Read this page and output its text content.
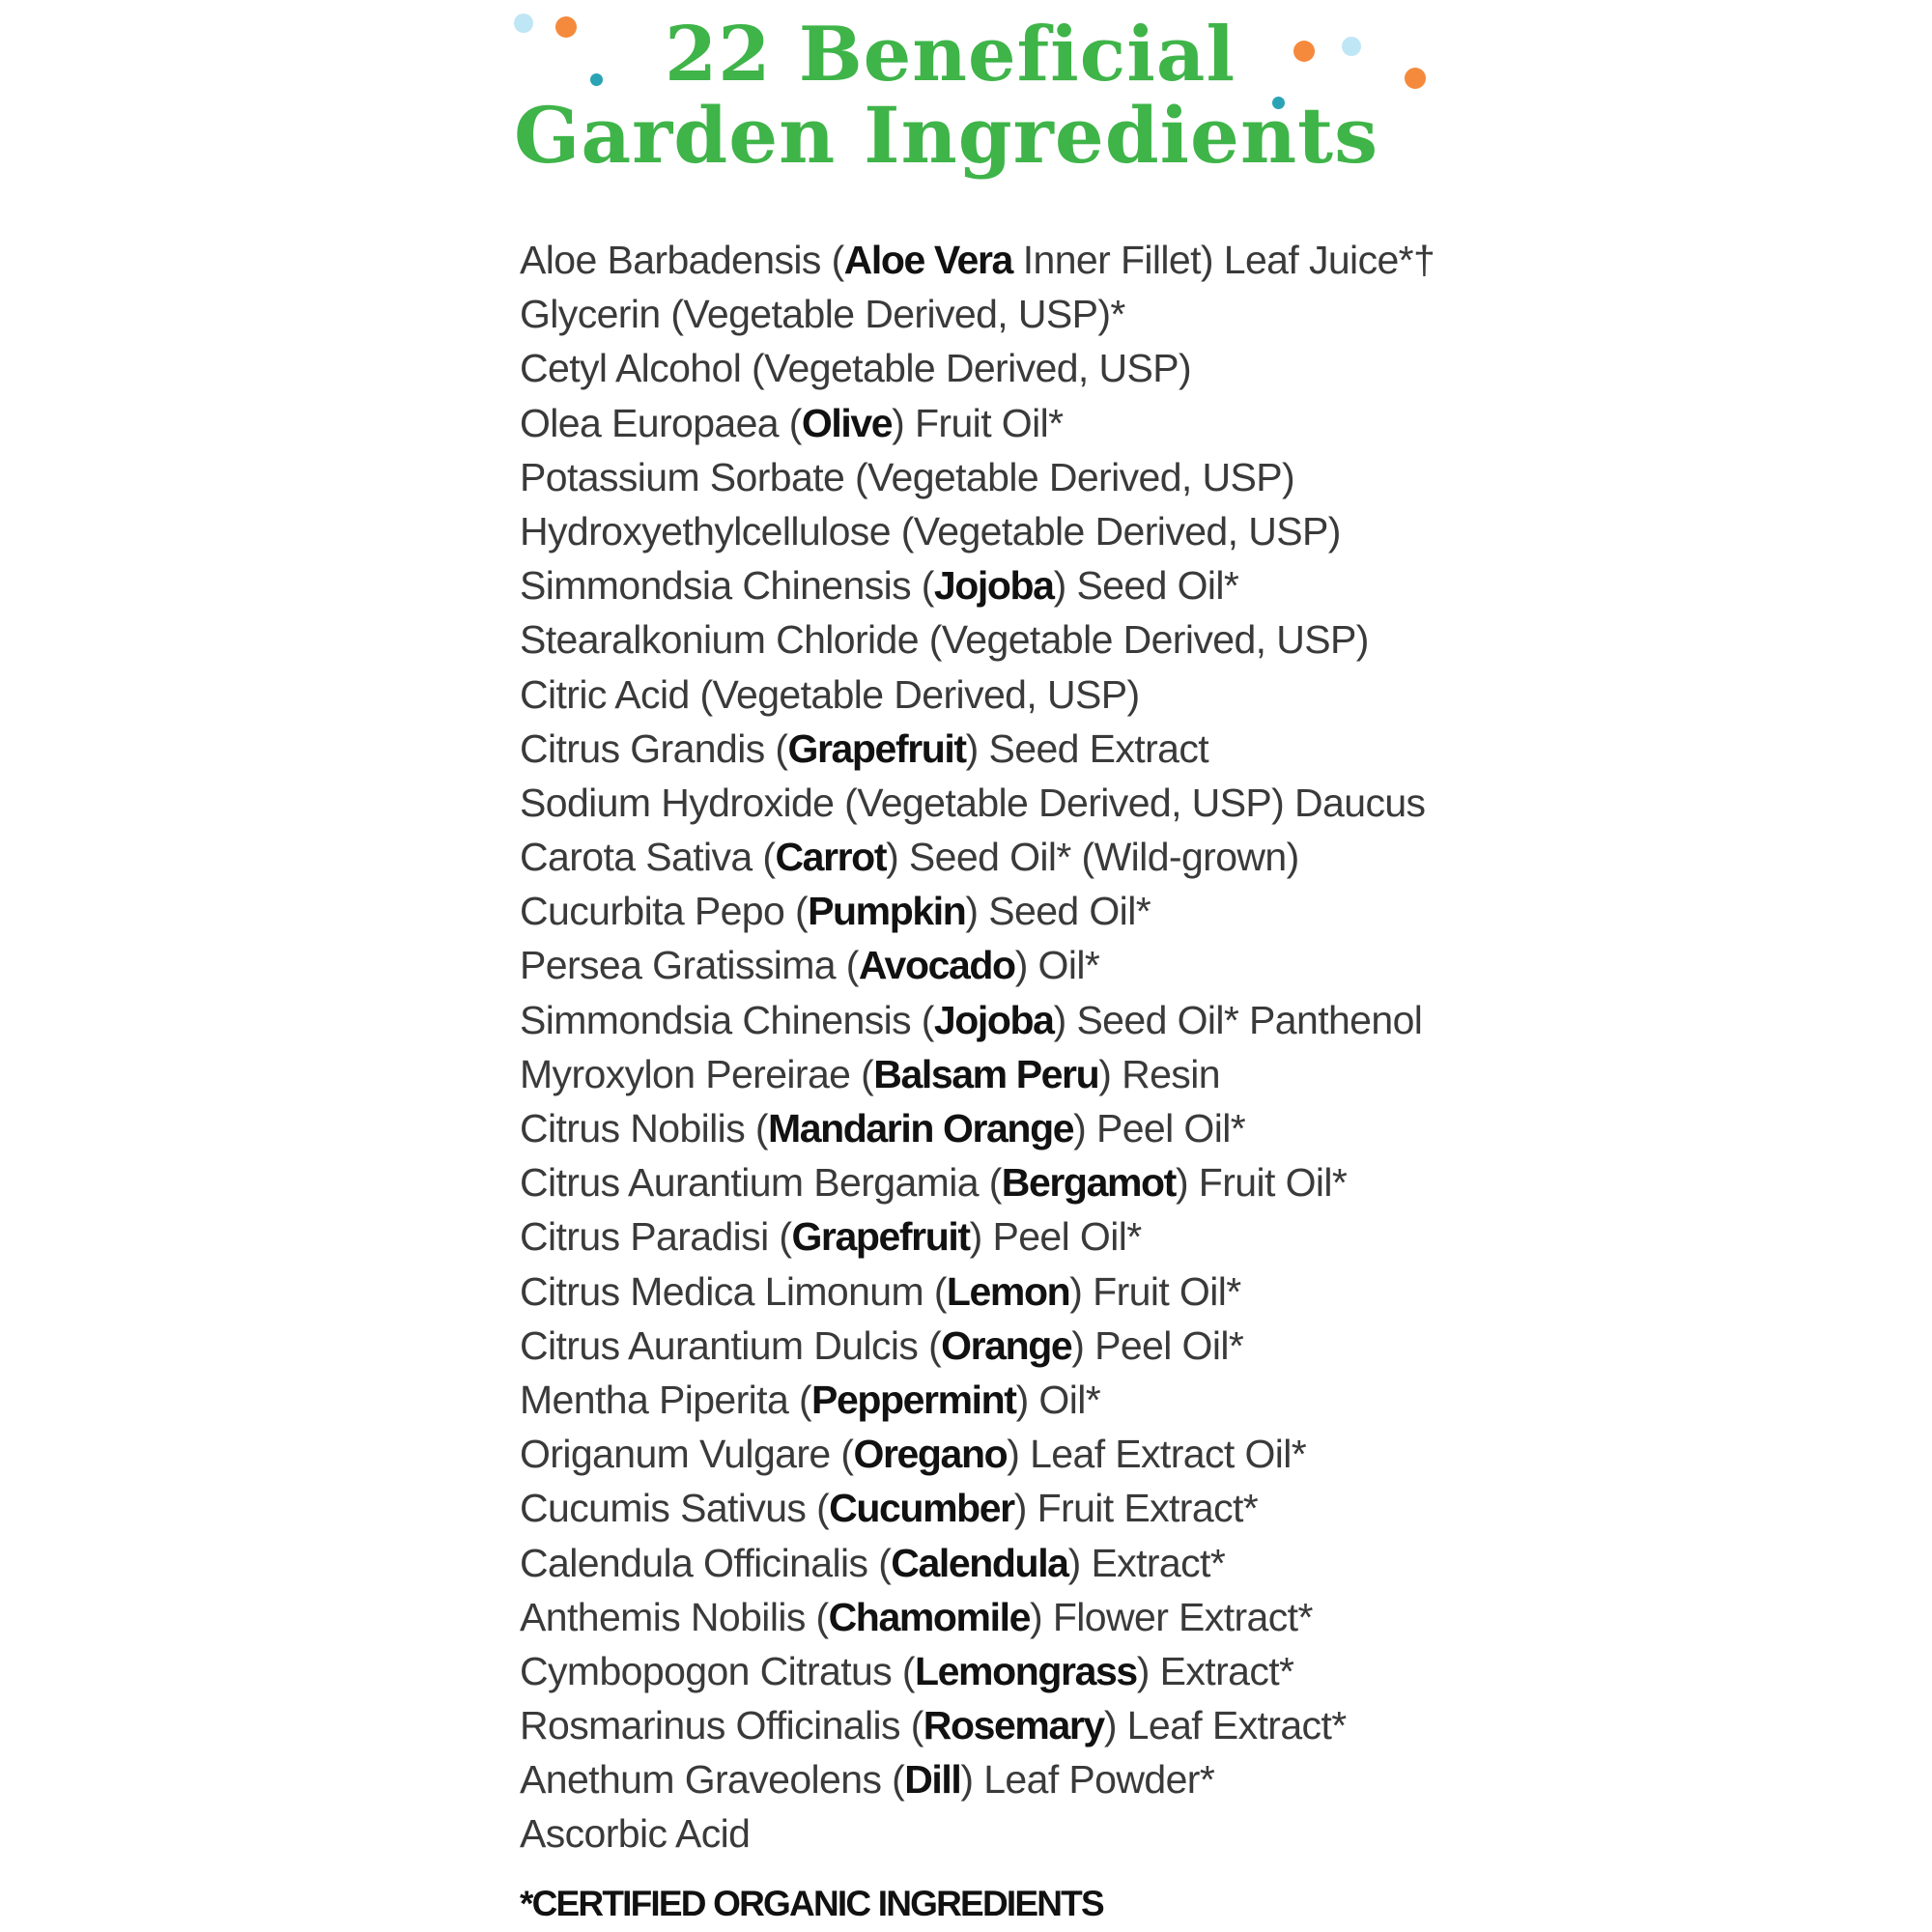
22 Beneficial
Garden Ingredients
Aloe Barbadensis (Aloe Vera Inner Fillet) Leaf Juice*†
Glycerin (Vegetable Derived, USP)*
Cetyl Alcohol (Vegetable Derived, USP)
Olea Europaea (Olive) Fruit Oil*
Potassium Sorbate (Vegetable Derived, USP)
Hydroxyethylcellulose (Vegetable Derived, USP)
Simmondsia Chinensis (Jojoba) Seed Oil*
Stearalkonium Chloride (Vegetable Derived, USP)
Citric Acid (Vegetable Derived, USP)
Citrus Grandis (Grapefruit) Seed Extract
Sodium Hydroxide (Vegetable Derived, USP) Daucus
Carota Sativa (Carrot) Seed Oil* (Wild-grown)
Cucurbita Pepo (Pumpkin) Seed Oil*
Persea Gratissima (Avocado) Oil*
Simmondsia Chinensis (Jojoba) Seed Oil* Panthenol
Myroxylon Pereirae (Balsam Peru) Resin
Citrus Nobilis (Mandarin Orange) Peel Oil*
Citrus Aurantium Bergamia (Bergamot) Fruit Oil*
Citrus Paradisi (Grapefruit) Peel Oil*
Citrus Medica Limonum (Lemon) Fruit Oil*
Citrus Aurantium Dulcis (Orange) Peel Oil*
Mentha Piperita (Peppermint) Oil*
Origanum Vulgare (Oregano) Leaf Extract Oil*
Cucumis Sativus (Cucumber) Fruit Extract*
Calendula Officinalis (Calendula) Extract*
Anthemis Nobilis (Chamomile) Flower Extract*
Cymbopogon Citratus (Lemongrass) Extract*
Rosmarinus Officinalis (Rosemary) Leaf Extract*
Anethum Graveolens (Dill) Leaf Powder*
Ascorbic Acid

*CERTIFIED ORGANIC INGREDIENTS
